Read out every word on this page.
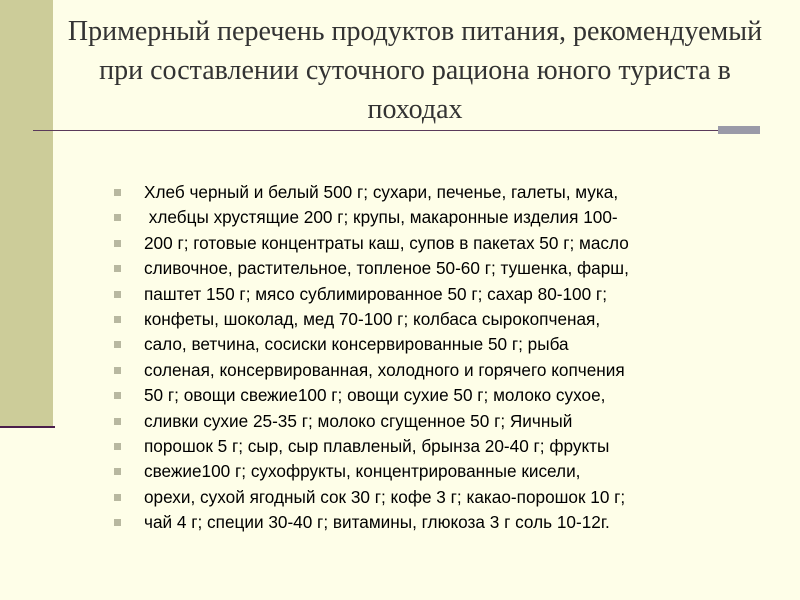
Примерный перечень продуктов питания, рекомендуемый при составлении суточного рациона юного туриста в походах
Хлеб черный и белый 500 г; сухари, печенье, галеты, мука,
хлебцы хрустящие 200 г; крупы, макаронные изделия 100-
200 г; готовые концентраты каш, супов в пакетах 50 г; масло
сливочное, растительное, топленое 50-60 г; тушенка, фарш,
паштет 150 г; мясо сублимированное 50 г; сахар 80-100 г;
конфеты, шоколад, мед 70-100 г; колбаса сырокопченая,
сало, ветчина, сосиски консервированные 50 г; рыба
соленая, консервированная, холодного и горячего копчения
50 г; овощи свежие100 г; овощи сухие 50 г; молоко сухое,
сливки сухие 25-35 г; молоко сгущенное 50 г; Яичный
порошок 5 г; сыр, сыр плавленый, брынза 20-40 г; фрукты
свежие100 г; сухофрукты, концентрированные кисели,
орехи, сухой ягодный сок 30 г; кофе 3 г; какао-порошок 10 г;
чай 4 г; специи 30-40 г; витамины, глюкоза 3 г соль 10-12г.
